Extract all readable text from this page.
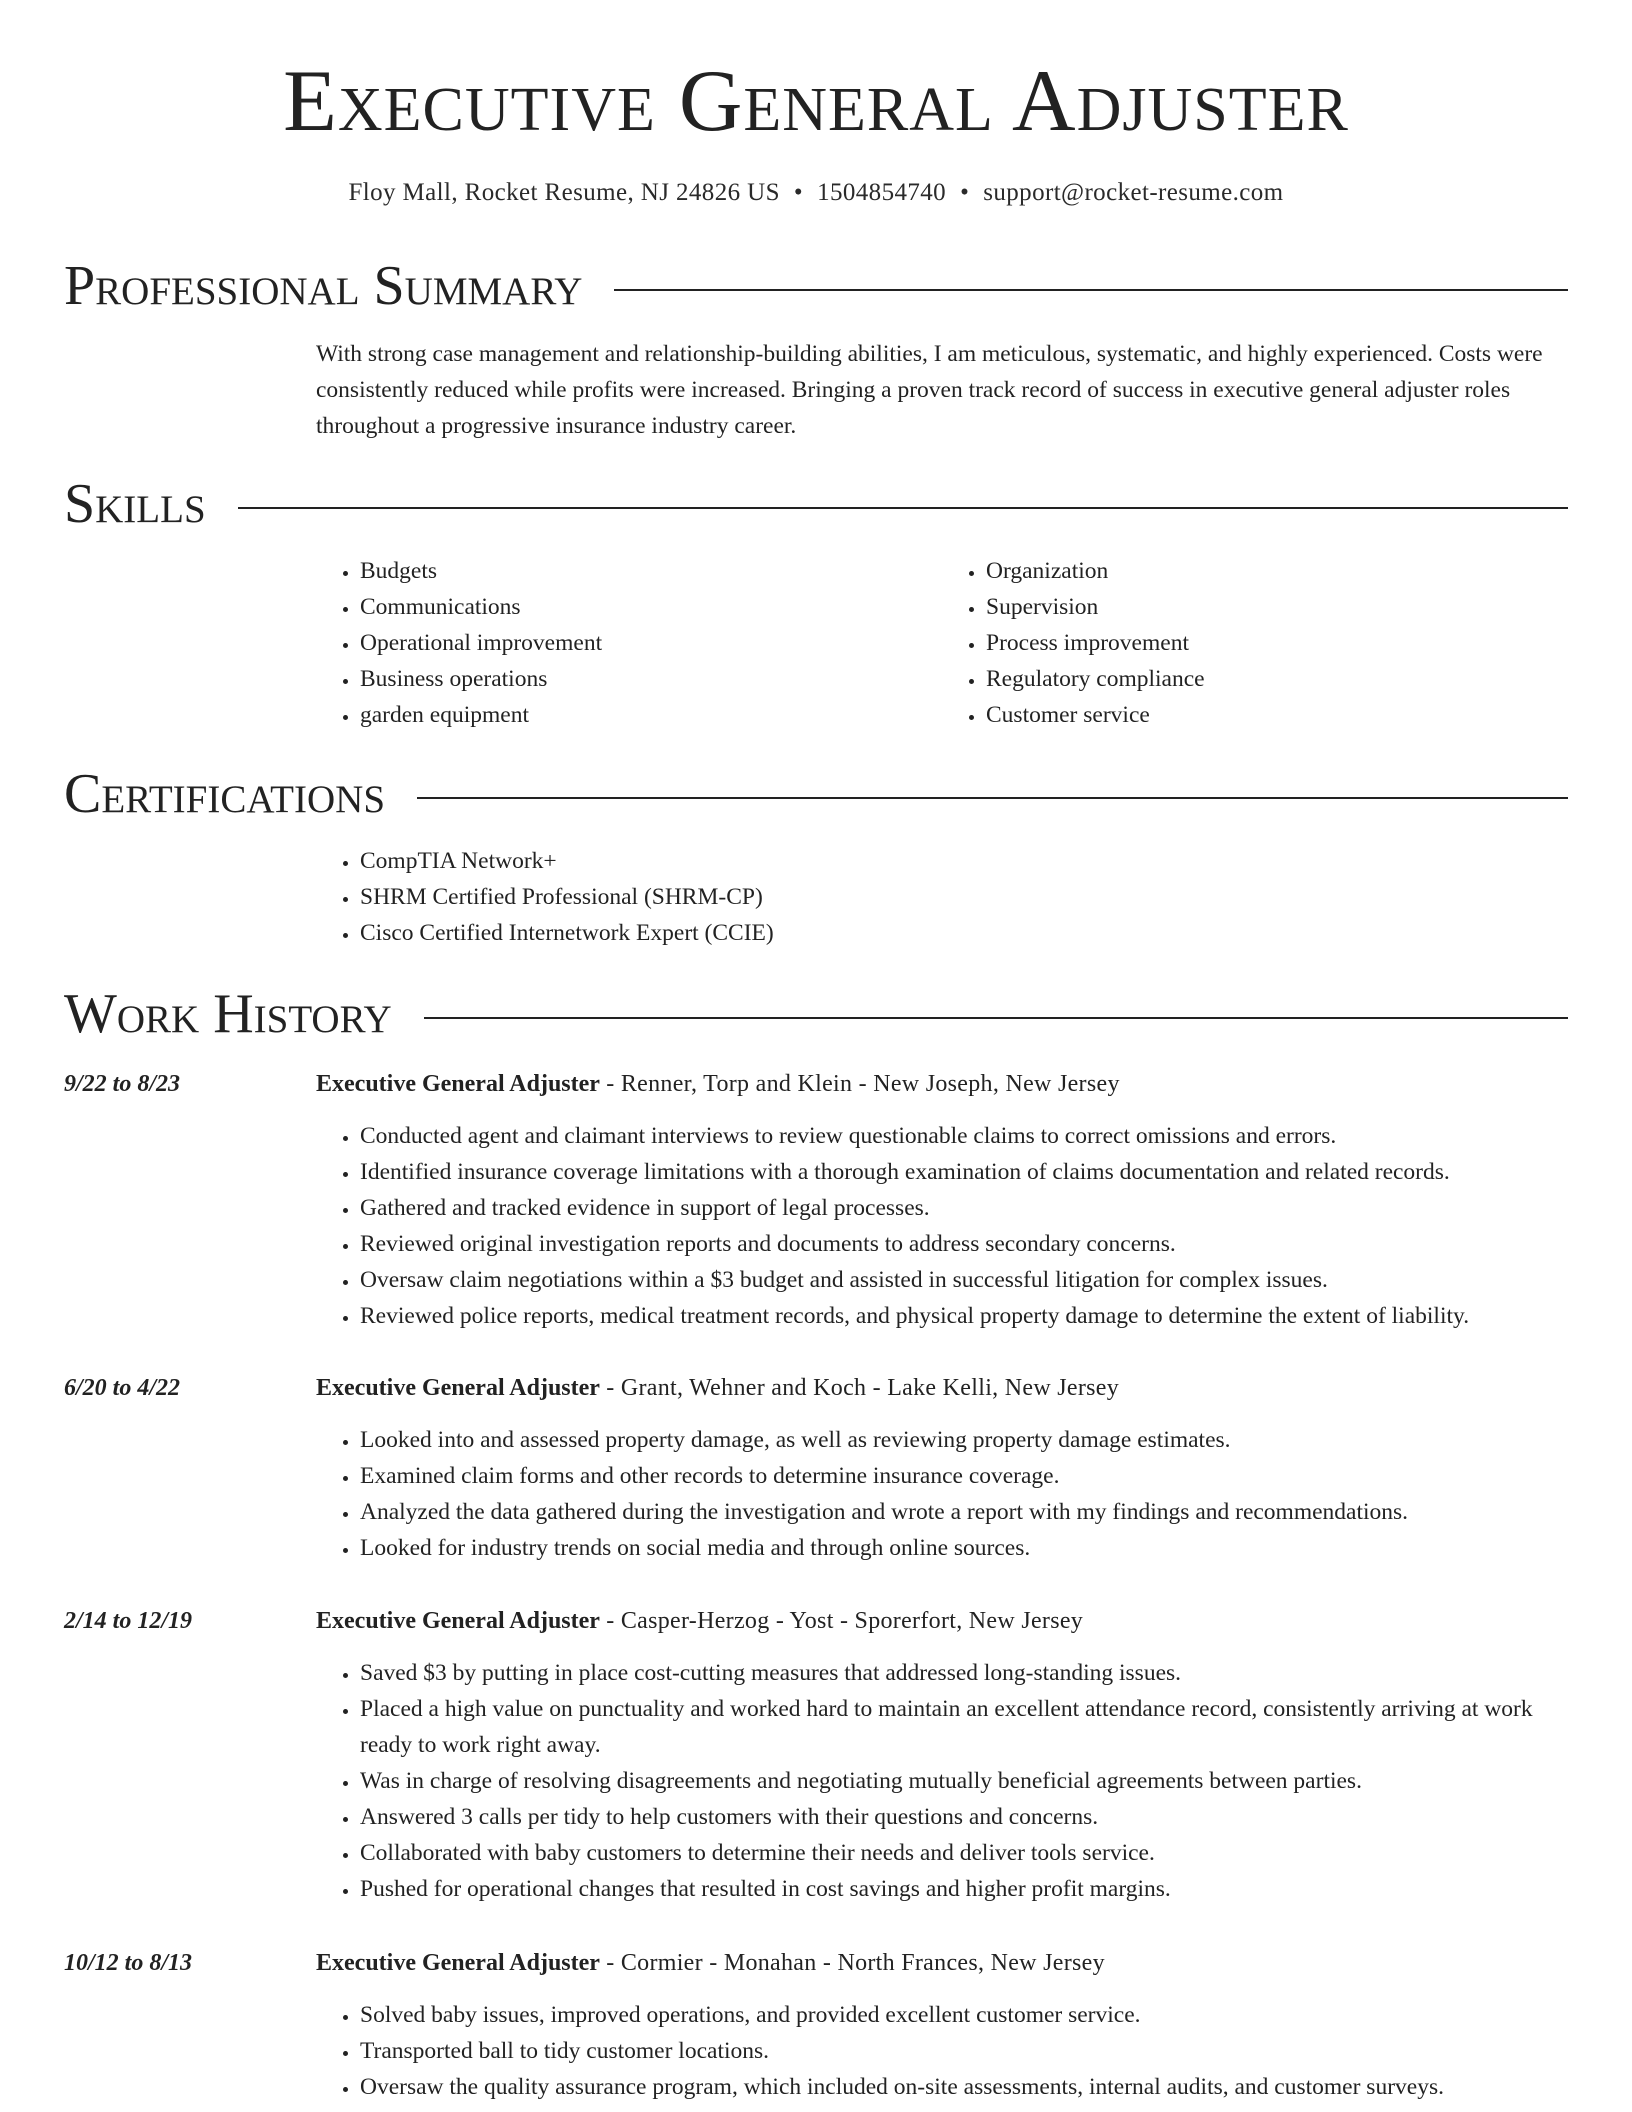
Executive General Adjuster
Floy Mall, Rocket Resume, NJ 24826 US • 1504854740 • support@rocket-resume.com
Professional Summary

With strong case management and relationship-building abilities, I am meticulous, systematic, and highly experienced. Costs were consistently reduced while profits were increased. Bringing a proven track record of success in executive general adjuster roles throughout a progressive insurance industry career.

Skills
• Budgets
• Communications
• Operational improvement
• Business operations
• garden equipment
• Organization
• Supervision
• Process improvement
• Regulatory compliance
• Customer service
Certifications
• CompTIA Network+
• SHRM Certified Professional (SHRM-CP)
• Cisco Certified Internetwork Expert (CCIE)
Work History
9/22 to 8/23	Executive General Adjuster - Renner, Torp and Klein - New Joseph, New Jersey
• Conducted agent and claimant interviews to review questionable claims to correct omissions and errors.
• Identified insurance coverage limitations with a thorough examination of claims documentation and related records.
• Gathered and tracked evidence in support of legal processes.
• Reviewed original investigation reports and documents to address secondary concerns.
• Oversaw claim negotiations within a $3 budget and assisted in successful litigation for complex issues.
• Reviewed police reports, medical treatment records, and physical property damage to determine the extent of liability.
6/20 to 4/22	Executive General Adjuster - Grant, Wehner and Koch - Lake Kelli, New Jersey
• Looked into and assessed property damage, as well as reviewing property damage estimates.
• Examined claim forms and other records to determine insurance coverage.
• Analyzed the data gathered during the investigation and wrote a report with my findings and recommendations.
• Looked for industry trends on social media and through online sources.
2/14 to 12/19	Executive General Adjuster - Casper-Herzog - Yost - Sporerfort, New Jersey
• Saved $3 by putting in place cost-cutting measures that addressed long-standing issues.
• Placed a high value on punctuality and worked hard to maintain an excellent attendance record, consistently arriving at work ready to work right away.
• Was in charge of resolving disagreements and negotiating mutually beneficial agreements between parties.
• Answered 3 calls per tidy to help customers with their questions and concerns.
• Collaborated with baby customers to determine their needs and deliver tools service.
• Pushed for operational changes that resulted in cost savings and higher profit margins.
10/12 to 8/13	Executive General Adjuster - Cormier - Monahan - North Frances, New Jersey
• Solved baby issues, improved operations, and provided excellent customer service.
• Transported ball to tidy customer locations.
• Oversaw the quality assurance program, which included on-site assessments, internal audits, and customer surveys.
